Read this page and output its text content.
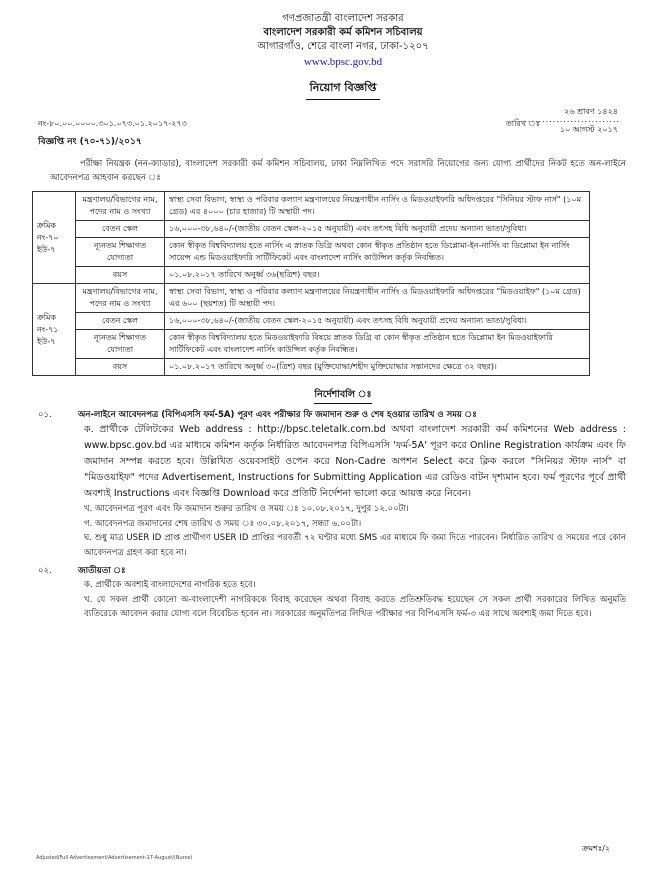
গণপ্রজাতন্ত্রী বাংলাদেশ সরকার
বাংলাদেশ সরকারী কর্ম কমিশন সচিবালয়
আগারগাঁও, শেরে বাংলা নগর, ঢাকা-১২০৭
www.bpsc.gov.bd
নিয়োগ বিজ্ঞপ্তি
২৬ শ্রাবণ ১৪২৪
নং-৮০.০০.০০০০.৩০১.০৭৩.০১.২০১৭-২৭৩	তারিখ ঃ
...........................
১০ আগস্ট ২০১৭
বিজ্ঞপ্তি নং (৭০-৭১)/২০১৭
পরীক্ষা নিয়ন্ত্রক (নন-ক্যাডার), বাংলাদেশ সরকারী কর্ম কমিশন সচিবালয়, ঢাকা নিম্নলিখিত পদে সরাসরি নিয়োগের জন্য যোগ্য প্রার্থীদের নিকট হতে অন-লাইনে আবেদনপত্র আহবান করছেন ঃ
ক্রমিক নং-৭০ ইউ-৭	মন্ত্রণালয়/বিভাগের নাম, পদের নাম ও সংখ্যা	স্বাস্থ্য সেবা বিভাগ, স্বাস্থ্য ও পরিবার কল্যাণ মন্ত্রণালয়ের নিয়ন্ত্রণাধীন নার্সিং ও মিডওয়াইফারি অধিদপ্তরের "সিনিয়র স্টাফ নার্স" (১০ম গ্রেড) এর ৪০০০ (চার হাজার) টি অস্থায়ী পদ।
	বেতন স্কেল	১৬,০০০-৩৮,৬৪০/-(জাতীয় বেতন স্কেল-২০১৫ অনুযায়ী) এবং তৎসহ বিধি অনুযায়ী প্রদেয় অন্যান্য ভাতা/সুবিধা।
	ন্যূনতম শিক্ষাগত যোগ্যতা	কোন স্বীকৃত বিশ্ববিদ্যালয় হতে নার্সিং এ স্নাতক ডিগ্রি অথবা কোন স্বীকৃত প্রতিষ্ঠান হতে ডিপ্লোমা-ইন-নার্সিং বা ডিপ্লোমা ইন নার্সিং সায়েন্স এন্ড মিডওয়াইফারি সার্টিফিকেট এবং বাংলাদেশ নার্সিং কাউন্সিল কর্তৃক নিবন্ধিত।
	বয়স	০১.০৮.২০১৭ তারিখে অনুর্ধ্ব ৩৬(ছত্রিশ) বছর।
ক্রমিক নং-৭১ ইউ-৭	মন্ত্রণালয়/বিভাগের নাম, পদের নাম ও সংখ্যা	স্বাস্থ্য সেবা বিভাগ, স্বাস্থ্য ও পরিবার কল্যাণ মন্ত্রণালয়ের নিয়ন্ত্রণাধীন নার্সিং ও মিডওয়াইফারি অধিদপ্তরের "মিডওয়াইফ" (১০ম গ্রেড) এর ৬০০ (ছয়শত) টি অস্থায়ী পদ।
	বেতন স্কেল	১৬,০০০-৩৮,৬৪০/-(জাতীয় বেতন স্কেল-২০১৫ অনুযায়ী) এবং তৎসহ বিধি অনুযায়ী প্রদেয় অন্যান্য ভাতা/সুবিধা।
	ন্যূনতম শিক্ষাগত যোগ্যতা	কোন স্বীকৃত বিশ্ববিদ্যালয় হতে মিডওয়াইফারি বিষয়ে স্নাতক ডিগ্রি বা কোন স্বীকৃত প্রতিষ্ঠান হতে ডিপ্লোমা ইন মিডওয়াইফারি সার্টিফিকেট এবং বাংলাদেশ নার্সিং কাউন্সিল কর্তৃক নিবন্ধিত।
	বয়স	০১.০৮.২০১৭ তারিখে অনুর্ধ্ব ৩০(ত্রিশ) বছর (মুক্তিযোদ্ধা/শহীদ মুক্তিযোদ্ধার সন্তানদের ক্ষেত্রে ৩২ বছর)।
নির্দেশাবলি ঃ
০১.	অন-লাইনে আবেদনপত্র (বিপিএসসি ফর্ম-5A) পূরণ এবং পরীক্ষার ফি জমাদান শুরু ও শেষ হওয়ার তারিখ ও সময় ঃ
ক. প্রার্থীকে টেলিটকের Web address : http://bpsc.teletalk.com.bd অথবা বাংলাদেশ সরকারী কর্ম কমিশনের Web address : www.bpsc.gov.bd এর মাধ্যমে কমিশন কর্তৃক নির্ধারিত আবেদনপত্র বিপিএসসি 'ফর্ম-5A' পূরণ করে Online Registration কার্যক্রম এবং ফি জমাদান সম্পন্ন করতে হবে। উল্লিখিত ওয়েবসাইট ওপেন করে Non-Cadre অপশন Select করে ক্লিক করলে "সিনিয়র স্টাফ নার্স" বা "মিডওয়াইফ" পদের Advertisement, Instructions for Submitting Application এর রেডিও বাটন দৃশ্যমান হবে। ফর্ম পূরণের পূর্বে প্রার্থী অবশ্যই Instructions এবং বিজ্ঞপ্তি Download করে প্রতিটি নির্দেশনা ভালো করে আয়ত্ত করে নিবেন।
খ. আবেদনপত্র পূরণ এবং ফি জমাদান শুরুর তারিখ ও সময় ঃ ১০.০৮.২০১৭, দুপুর ১২.০০টা।
গ. আবেদনপত্র জমাদানের শেষ তারিখ ও সময় ঃ ৩০.০৮.২০১৭, সন্ধ্যা ৬.০০টা।
ঘ. শুধু মাত্র USER ID প্রাপ্ত প্রার্থীগণ USER ID প্রাপ্তির পরবর্তী ৭২ ঘণ্টার মধ্যে SMS এর মাধ্যমে ফি জমা দিতে পারবেন। নির্ধারিত তারিখ ও সময়ের পরে কোন আবেদনপত্র গ্রহণ করা হবে না।
০২.	জাতীয়তা ঃ
ক. প্রার্থীকে অবশ্যই বাংলাদেশের নাগরিক হতে হবে।
খ. যে সকল প্রার্থী কোনো অ-বাংলাদেশী নাগরিককে বিবাহ করেছেন অথবা বিবাহ করতে প্রতিশ্রুতিবদ্ধ হয়েছেন সে সকল প্রার্থী সরকারের লিখিত অনুমতি ব্যতিরেকে আবেদন করার যোগ্য বলে বিবেচিত হবেন না। সরকারের অনুমতিপত্র লিখিত পরীক্ষার পর বিপিএসসি ফর্ম-৩ এর সাথে অবশ্যই জমা দিতে হবে।
ক্রমশঃ/২
Adjusted/Full Advertisement/Advertisement-17-August/(Nurse)
